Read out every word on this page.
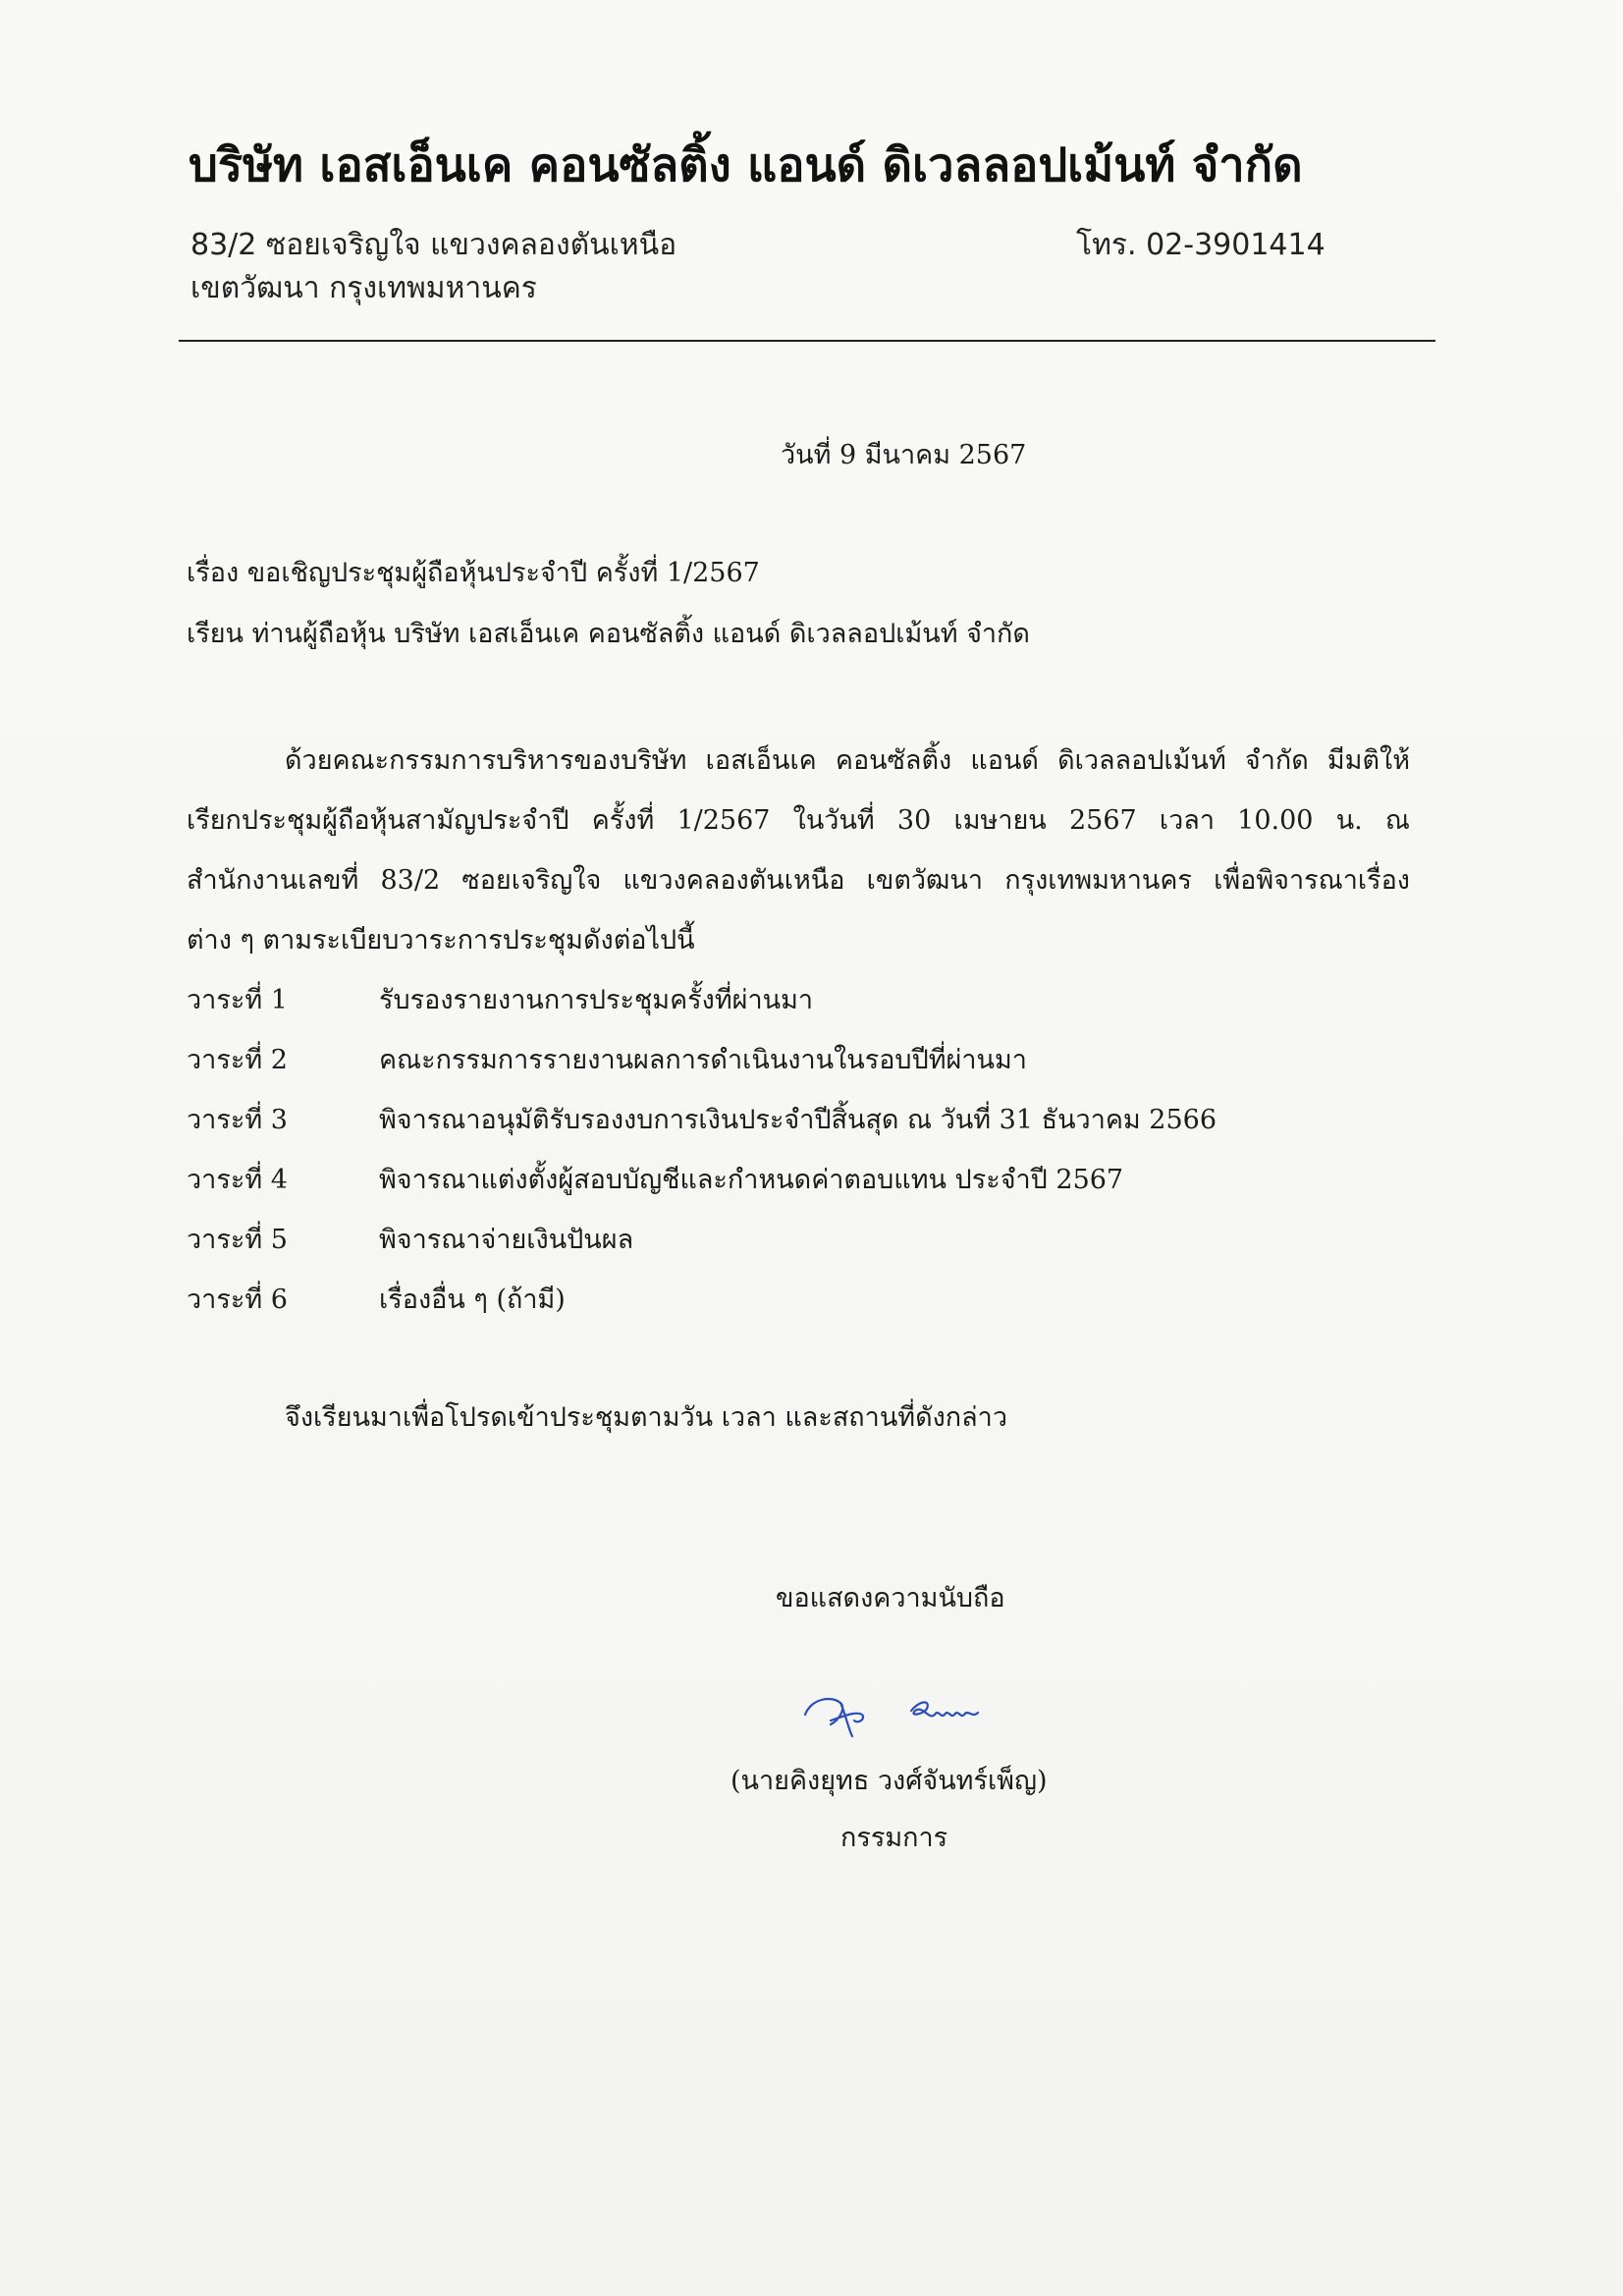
บริษัท เอสเอ็นเค คอนซัลติ้ง แอนด์ ดิเวลลอปเม้นท์ จำกัด
83/2 ซอยเจริญใจ แขวงคลองตันเหนือ
เขตวัฒนา กรุงเทพมหานคร
โทร. 02-3901414
วันที่ 9 มีนาคม 2567
เรื่อง ขอเชิญประชุมผู้ถือหุ้นประจำปี ครั้งที่ 1/2567
เรียน ท่านผู้ถือหุ้น บริษัท เอสเอ็นเค คอนซัลติ้ง แอนด์ ดิเวลลอปเม้นท์ จำกัด
ด้วยคณะกรรมการบริหารของบริษัท เอสเอ็นเค คอนซัลติ้ง แอนด์ ดิเวลลอปเม้นท์ จำกัด มีมติให้
เรียกประชุมผู้ถือหุ้นสามัญประจำปี ครั้งที่ 1/2567 ในวันที่ 30 เมษายน 2567 เวลา 10.00 น. ณ
สำนักงานเลขที่ 83/2 ซอยเจริญใจ แขวงคลองตันเหนือ เขตวัฒนา กรุงเทพมหานคร เพื่อพิจารณาเรื่อง
ต่าง ๆ ตามระเบียบวาระการประชุมดังต่อไปนี้
วาระที่ 1	รับรองรายงานการประชุมครั้งที่ผ่านมา
วาระที่ 2	คณะกรรมการรายงานผลการดำเนินงานในรอบปีที่ผ่านมา
วาระที่ 3	พิจารณาอนุมัติรับรองงบการเงินประจำปีสิ้นสุด ณ วันที่ 31 ธันวาคม 2566
วาระที่ 4	พิจารณาแต่งตั้งผู้สอบบัญชีและกำหนดค่าตอบแทน ประจำปี 2567
วาระที่ 5	พิจารณาจ่ายเงินปันผล
วาระที่ 6	เรื่องอื่น ๆ (ถ้ามี)
จึงเรียนมาเพื่อโปรดเข้าประชุมตามวัน เวลา และสถานที่ดังกล่าว
ขอแสดงความนับถือ
(นายคิงยุทธ วงศ์จันทร์เพ็ญ)
กรรมการ
